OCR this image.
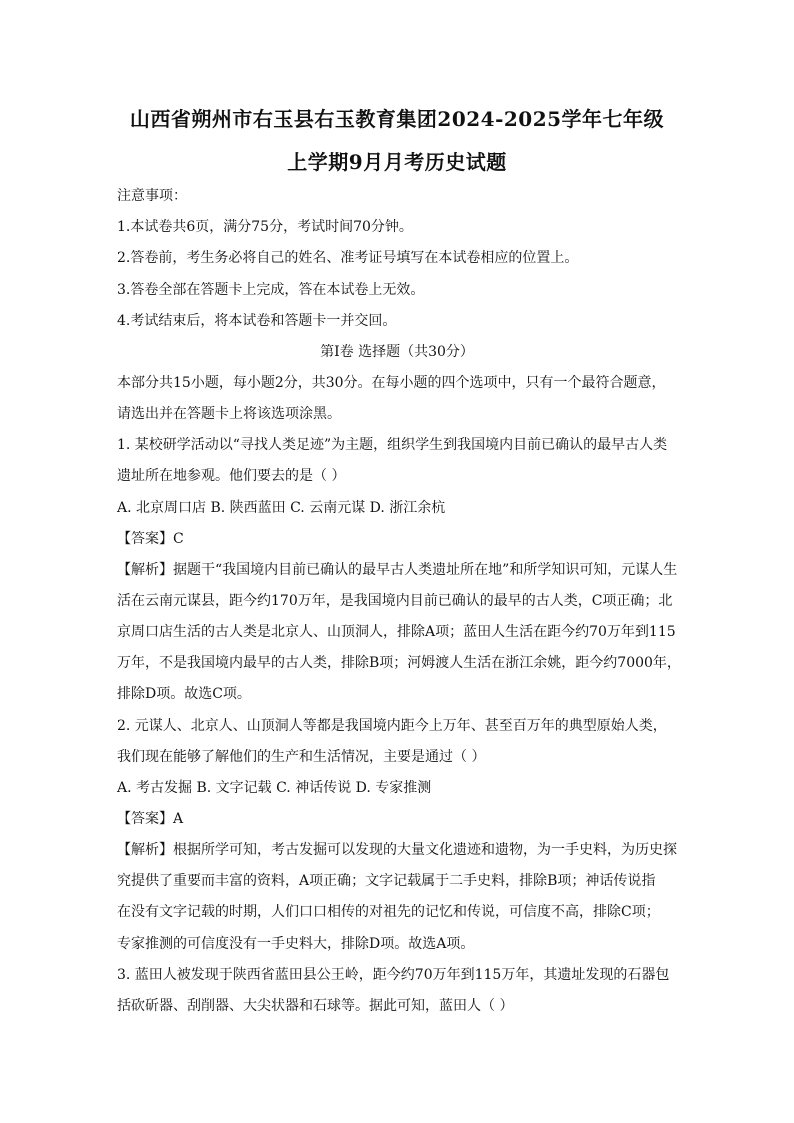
山西省朔州市右玉县右玉教育集团2024-2025学年七年级
上学期9月月考历史试题
注意事项：
1.本试卷共6页，满分75分，考试时间70分钟。
2.答卷前，考生务必将自己的姓名、准考证号填写在本试卷相应的位置上。
3.答卷全部在答题卡上完成，答在本试卷上无效。
4.考试结束后，将本试卷和答题卡一并交回。
第Ⅰ卷 选择题（共30分）
本部分共15小题，每小题2分，共30分。在每小题的四个选项中，只有一个最符合题意，
请选出并在答题卡上将该选项涂黑。
1. 某校研学活动以“寻找人类足迹”为主题，组织学生到我国境内目前已确认的最早古人类
遗址所在地参观。他们要去的是（ ）
A. 北京周口店 B. 陕西蓝田 C. 云南元谋 D. 浙江余杭
【答案】C
【解析】据题干“我国境内目前已确认的最早古人类遗址所在地”和所学知识可知，元谋人生
活在云南元谋县，距今约170万年，是我国境内目前已确认的最早的古人类，C项正确；北
京周口店生活的古人类是北京人、山顶洞人，排除A项；蓝田人生活在距今约70万年到115
万年，不是我国境内最早的古人类，排除B项；河姆渡人生活在浙江余姚，距今约7000年，
排除D项。故选C项。
2. 元谋人、北京人、山顶洞人等都是我国境内距今上万年、甚至百万年的典型原始人类，
我们现在能够了解他们的生产和生活情况，主要是通过（ ）
A. 考古发掘 B. 文字记载 C. 神话传说 D. 专家推测
【答案】A
【解析】根据所学可知，考古发掘可以发现的大量文化遗迹和遗物，为一手史料，为历史探
究提供了重要而丰富的资料，A项正确；文字记载属于二手史料，排除B项；神话传说指
在没有文字记载的时期，人们口口相传的对祖先的记忆和传说，可信度不高，排除C项；
专家推测的可信度没有一手史料大，排除D项。故选A项。
3. 蓝田人被发现于陕西省蓝田县公王岭，距今约70万年到115万年，其遗址发现的石器包
括砍斫器、刮削器、大尖状器和石球等。据此可知，蓝田人（ ）
